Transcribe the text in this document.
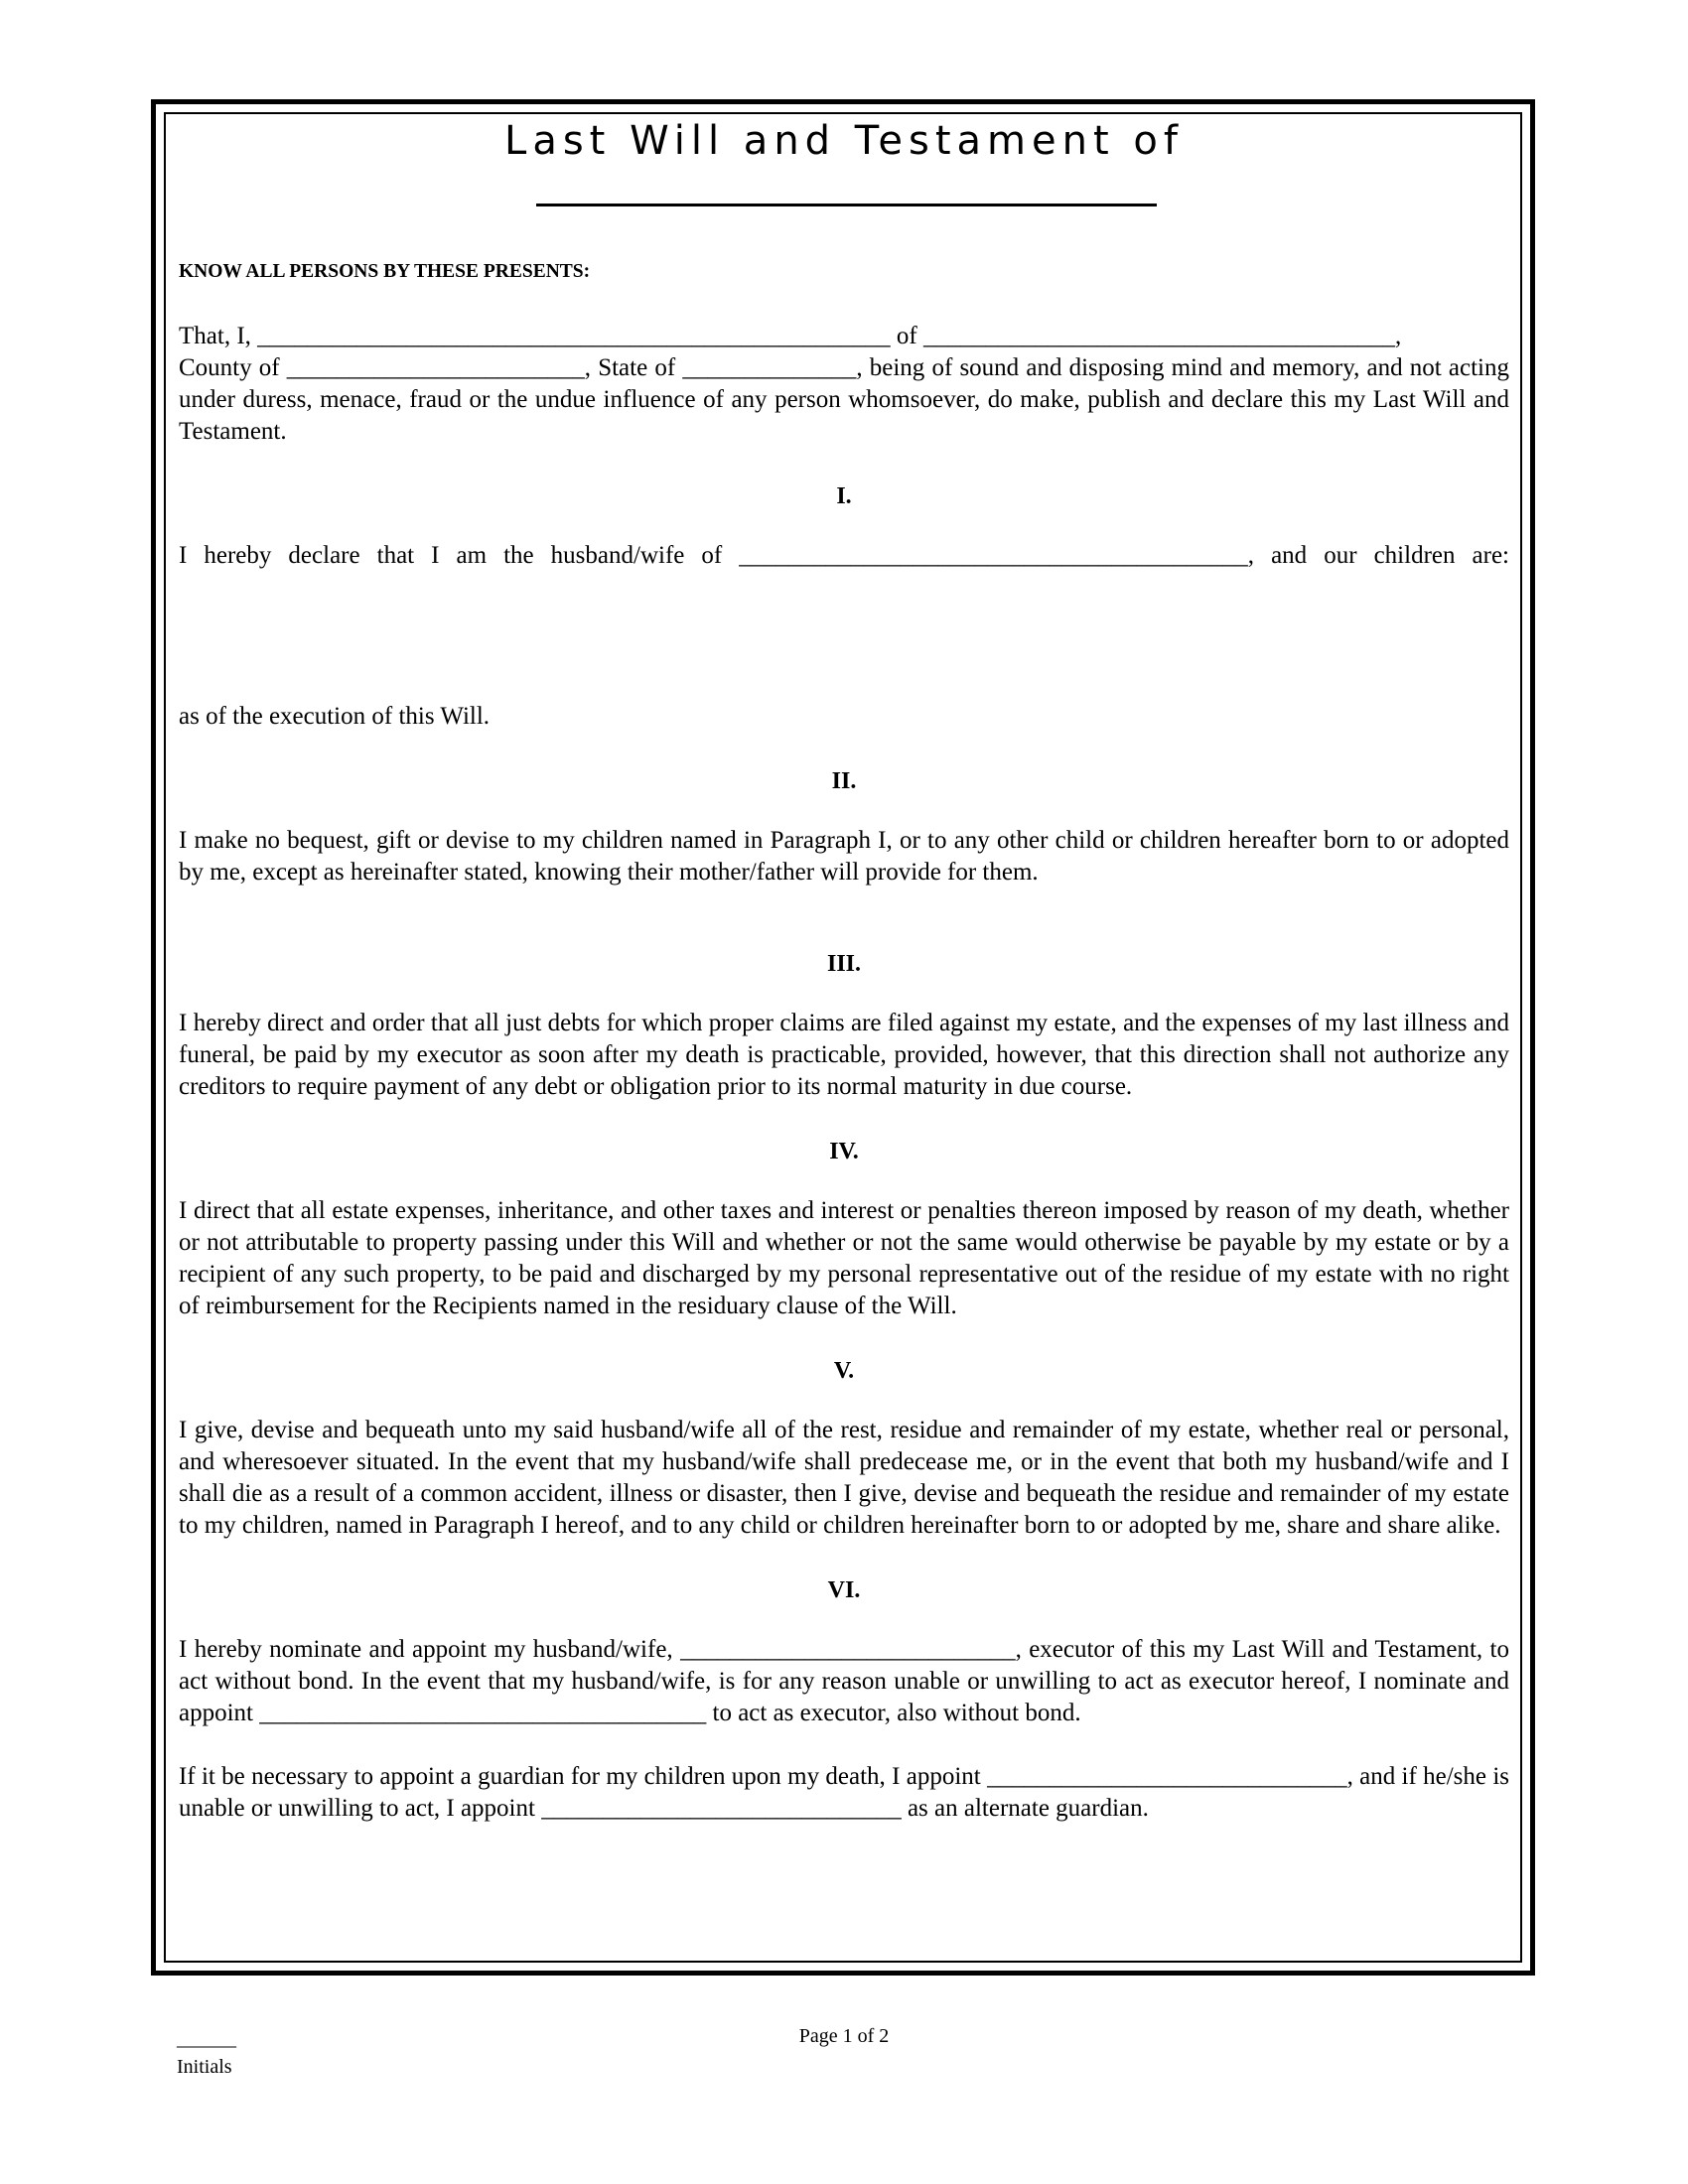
Last Will and Testament of

KNOW ALL PERSONS BY THESE PRESENTS:

That, I, ___________________________________________________ of ______________________________________,
County of ________________________, State of ______________, being of sound and disposing mind and memory, and not acting under duress, menace, fraud or the undue influence of any person whomsoever, do make, publish and declare this my Last Will and Testament.

I.

I hereby declare that I am the husband/wife of _________________________________________, and our children are:

as of the execution of this Will.

II.

I make no bequest, gift or devise to my children named in Paragraph I, or to any other child or children hereafter born to or adopted by me, except as hereinafter stated, knowing their mother/father will provide for them.

III.

I hereby direct and order that all just debts for which proper claims are filed against my estate, and the expenses of my last illness and funeral, be paid by my executor as soon after my death is practicable, provided, however, that this direction shall not authorize any creditors to require payment of any debt or obligation prior to its normal maturity in due course.

IV.

I direct that all estate expenses, inheritance, and other taxes and interest or penalties thereon imposed by reason of my death, whether or not attributable to property passing under this Will and whether or not the same would otherwise be payable by my estate or by a recipient of any such property, to be paid and discharged by my personal representative out of the residue of my estate with no right of reimbursement for the Recipients named in the residuary clause of the Will.

V.

I give, devise and bequeath unto my said husband/wife all of the rest, residue and remainder of my estate, whether real or personal, and wheresoever situated. In the event that my husband/wife shall predecease me, or in the event that both my husband/wife and I shall die as a result of a common accident, illness or disaster, then I give, devise and bequeath the residue and remainder of my estate to my children, named in Paragraph I hereof, and to any child or children hereinafter born to or adopted by me, share and share alike.

VI.

I hereby nominate and appoint my husband/wife, ___________________________, executor of this my Last Will and Testament, to act without bond. In the event that my husband/wife, is for any reason unable or unwilling to act as executor hereof, I nominate and appoint ____________________________________ to act as executor, also without bond.

If it be necessary to appoint a guardian for my children upon my death, I appoint _____________________________, and if he/she is unable or unwilling to act, I appoint _____________________________ as an alternate guardian.

______
Initials
Page 1 of 2
